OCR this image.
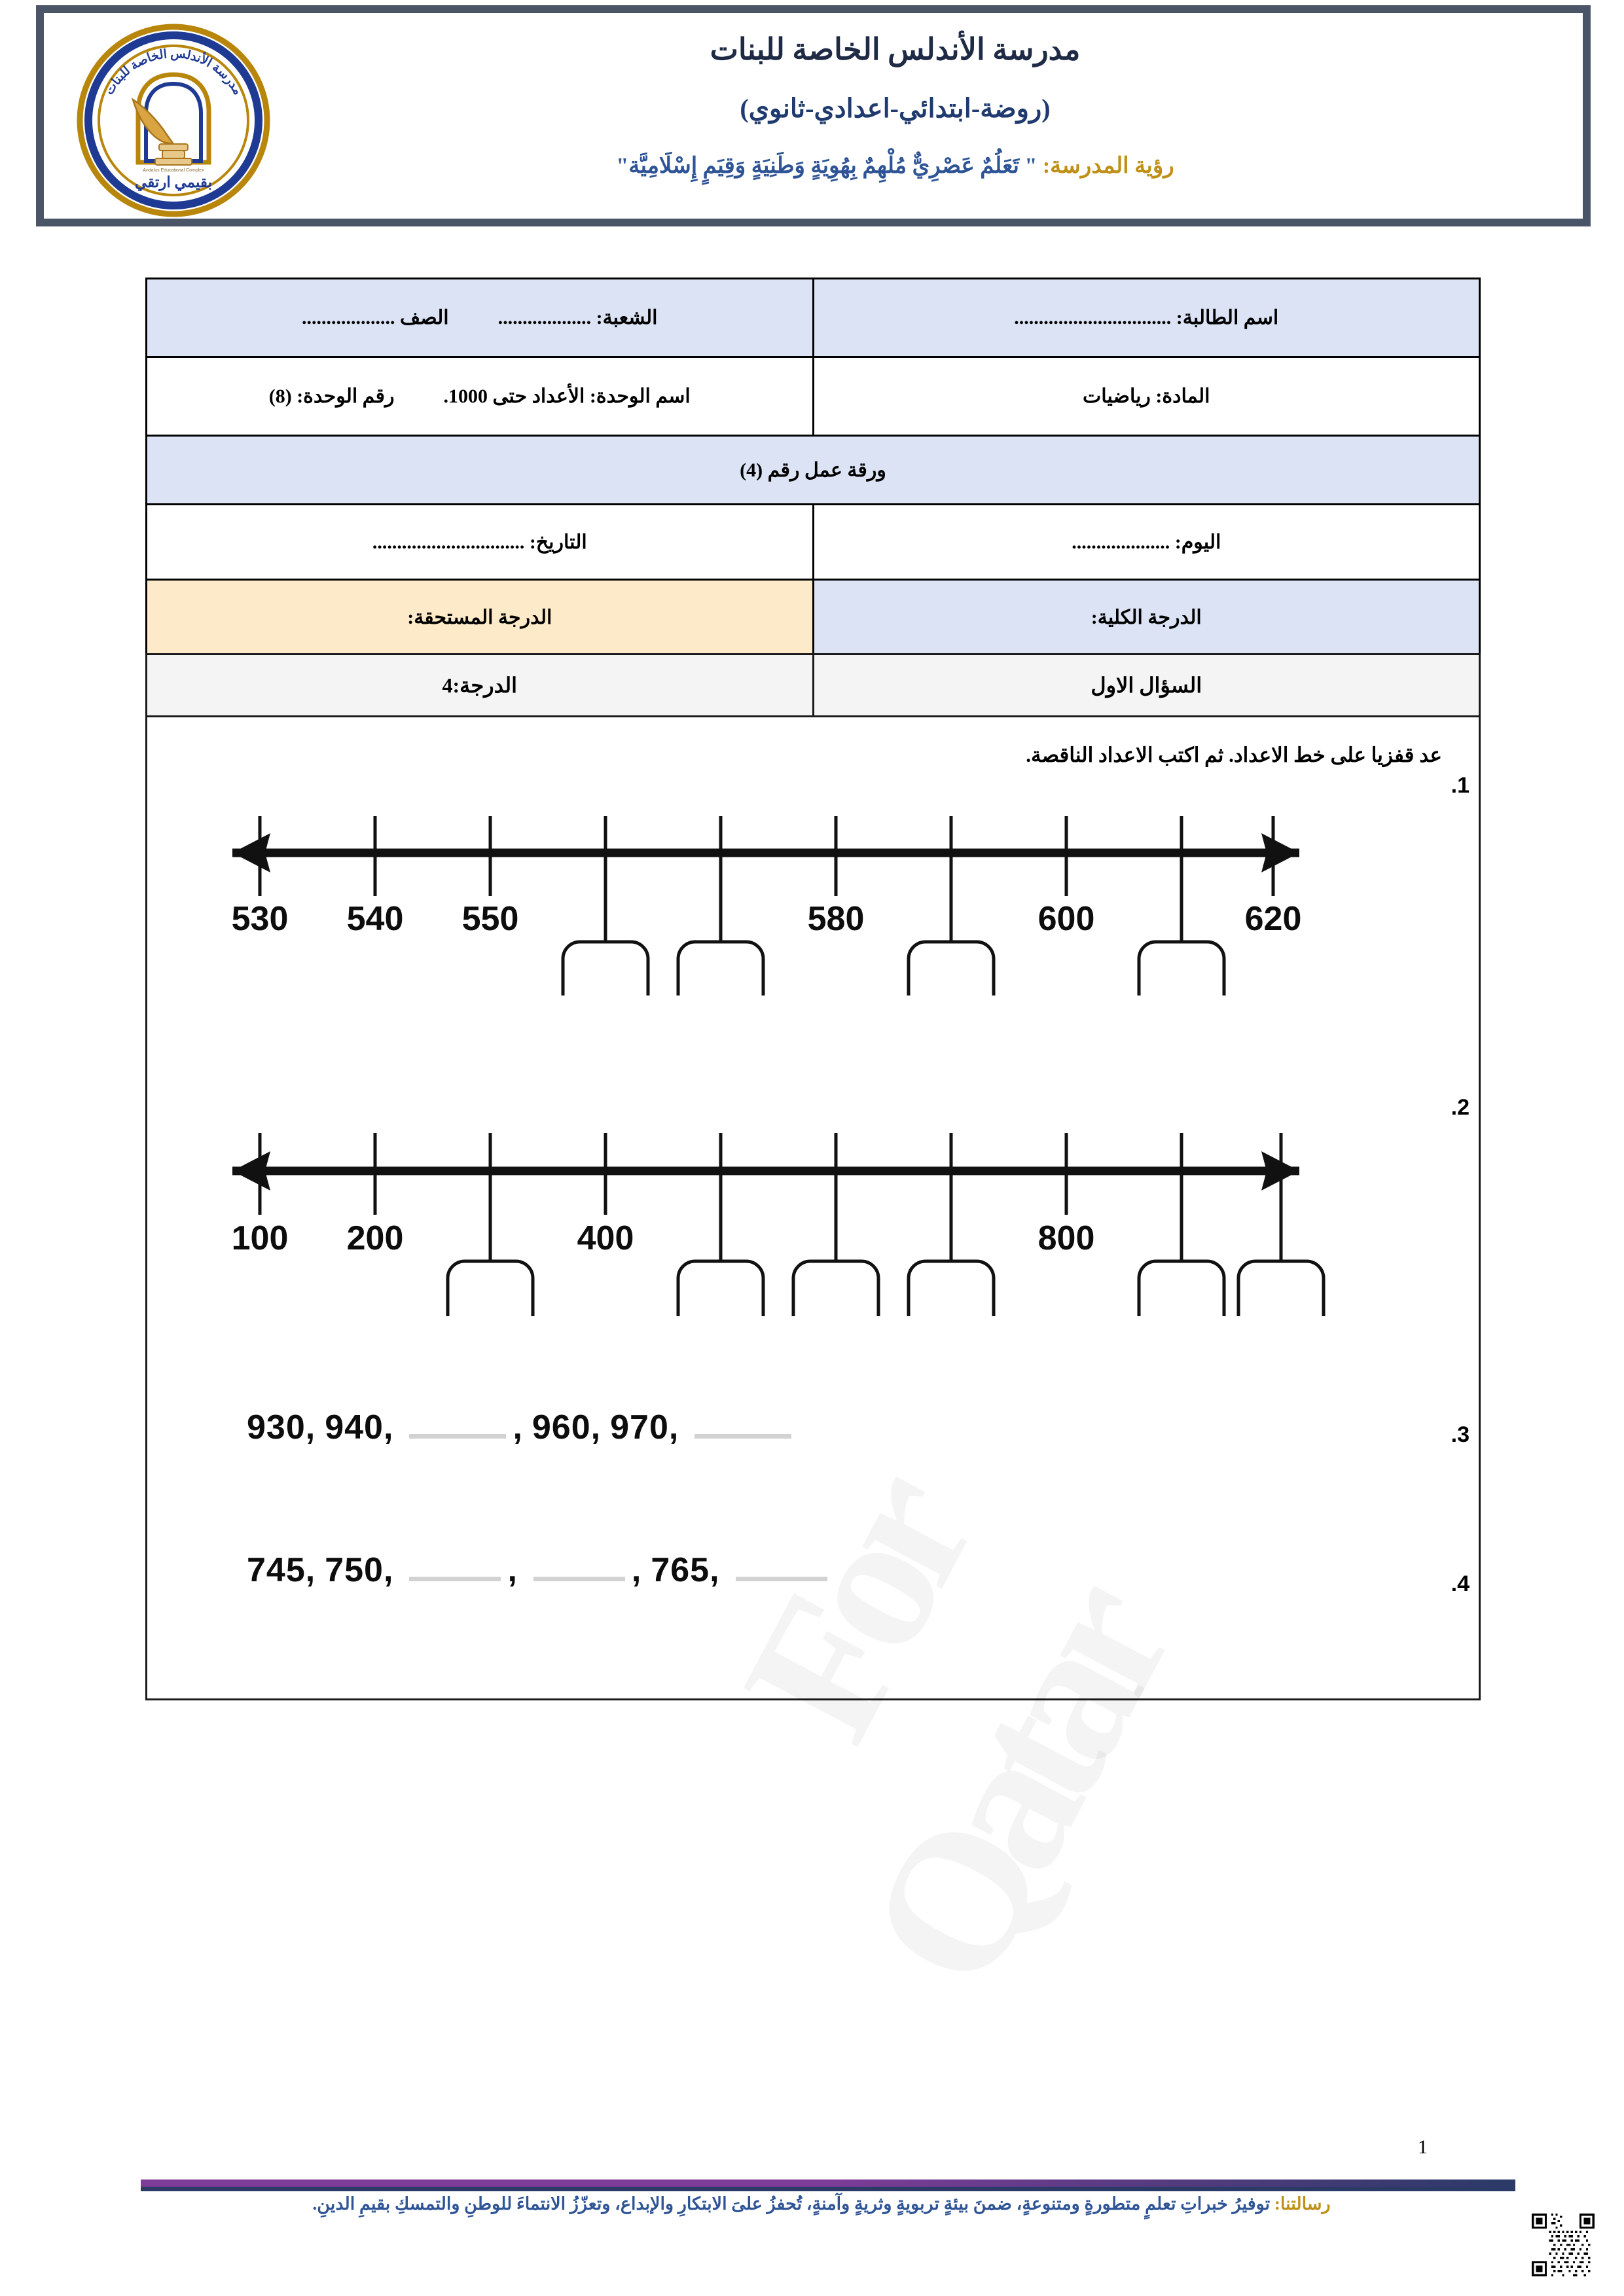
مدرسة الأندلس الخاصة للبنات
بقيمي ارتقي
Andalus Educational Complex
مدرسة الأندلس الخاصة للبنات
(روضة-ابتدائي-اعدادي-ثانوي)
رؤية المدرسة: " تَعَلُمٌ عَصْرِيٌّ مُلْهِمٌ بِهُوِيَةٍ وَطَنِيَةٍ وَقِيَمٍ إِسْلَامِيَّة"
اسم الطالبة: ................................	الشعبة: ...................  الصف ...................
المادة: رياضيات	اسم الوحدة: الأعداد حتى 1000.  رقم الوحدة: (8)
ورقة عمل رقم (4)	
اليوم: ....................	التاريخ: ...............................
الدرجة الكلية:	الدرجة المستحقة:
السؤال الاول
الدرجة:4
عد قفزيا على خط الاعداد. ثم اكتب الاعداد الناقصة.
.1
.2
.3
.4
530 540 550	580	600	620
100 200	400	800
930 , 940 ,	, 960 , 970 ,
745 , 750 ,	,	, 765 ,
1
رسالتنا: توفيرُ خبراتِ تعلمٍ متطورةٍ ومتنوعةٍ، ضمنَ بيئةٍ تربويةٍ وثريةٍ وآمنةٍ، تُحفزُ علىَ الابتكارِ والإبداع، وتعزّزُ الانتماءَ للوطنِ والتمسكِ بقيمِ الدينِ.
